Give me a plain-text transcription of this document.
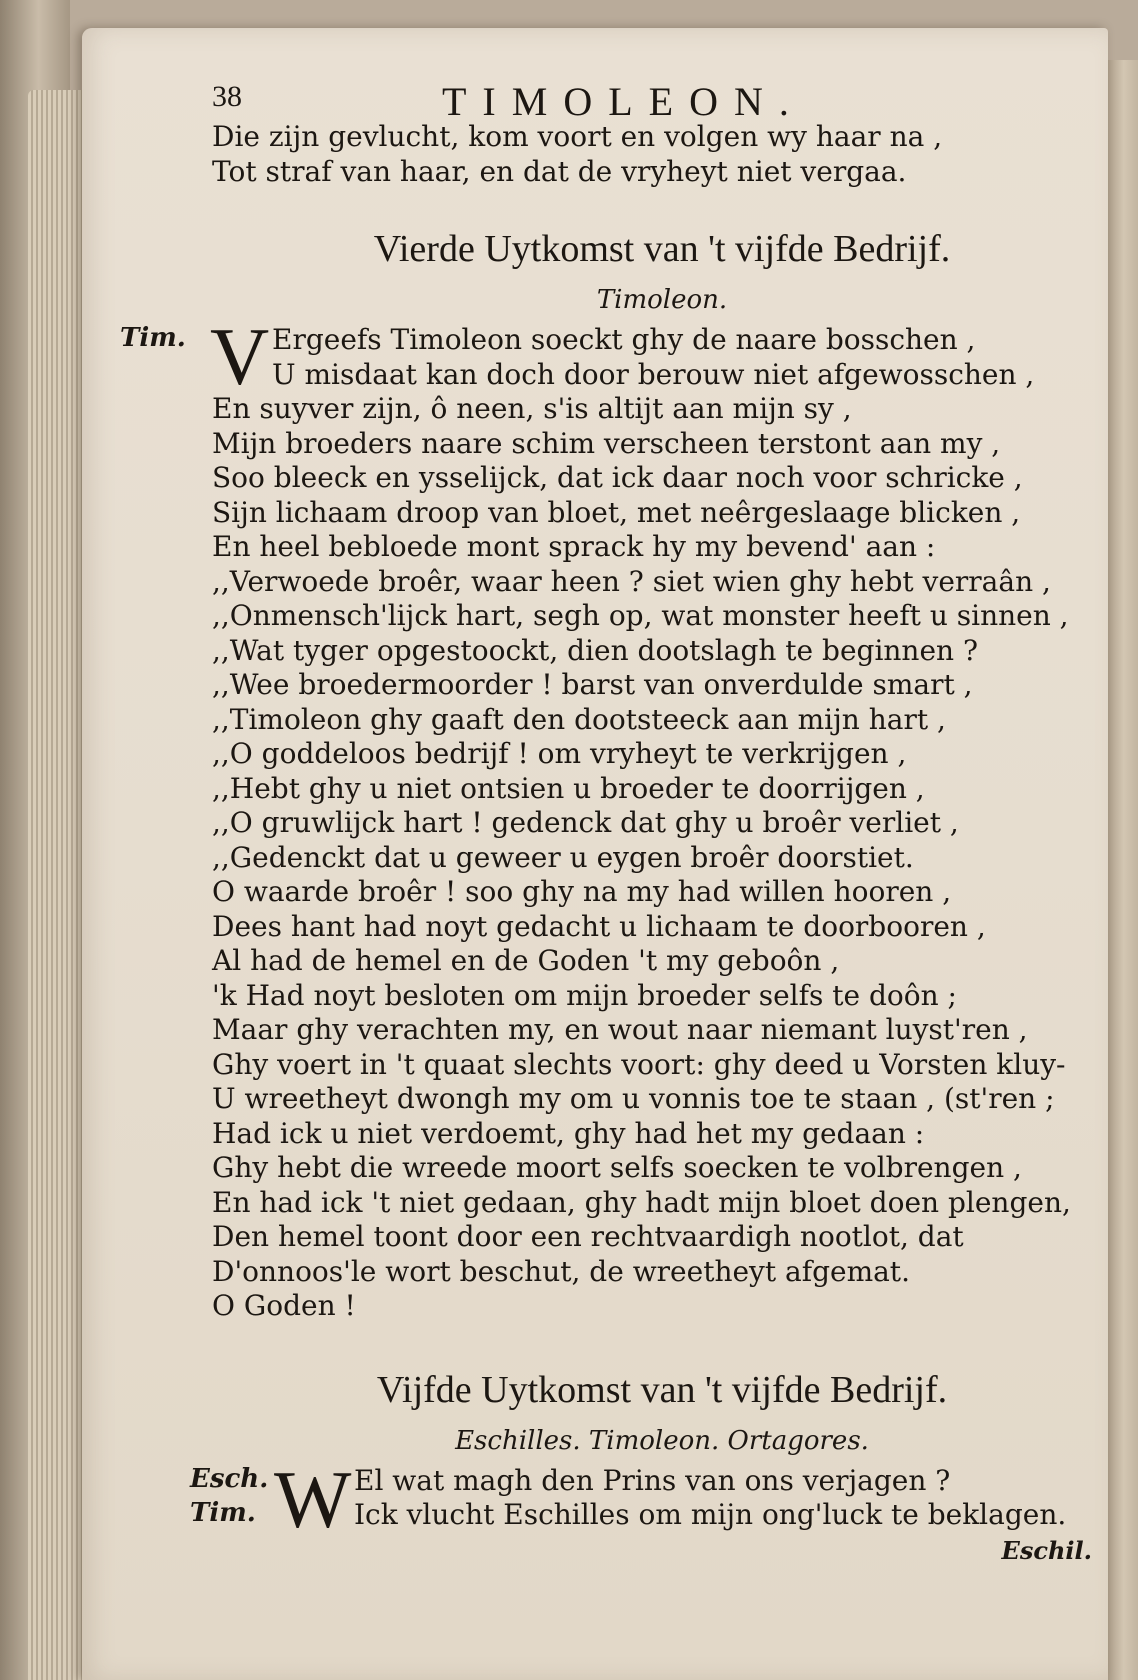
38	TIMOLEON.
Die zijn gevlucht, kom voort en volgen wy haar na ,
Tot straf van haar, en dat de vryheyt niet vergaa.
Vierde Uytkomst van 't vijfde Bedrijf.
Timoleon.
Tim. V Ergeefs Timoleon soeckt ghy de naare bosschen ,
U misdaat kan doch door berouw niet afgewosschen ,
En suyver zijn, ô neen, s'is altijt aan mijn sy ,
Mijn broeders naare schim verscheen terstont aan my ,
Soo bleeck en ysselijck, dat ick daar noch voor schricke ,
Sijn lichaam droop van bloet, met neêrgeslaage blicken ,
En heel bebloede mont sprack hy my bevend' aan :
,,Verwoede broêr, waar heen ? siet wien ghy hebt verraân ,
,,Onmensch'lijck hart, segh op, wat monster heeft u sinnen ,
,,Wat tyger opgestoockt, dien dootslagh te beginnen ?
,,Wee broedermoorder ! barst van onverdulde smart ,
,,Timoleon ghy gaaft den dootsteeck aan mijn hart ,
,,O goddeloos bedrijf ! om vryheyt te verkrijgen ,
,,Hebt ghy u niet ontsien u broeder te doorrijgen ,
,,O gruwlijck hart ! gedenck dat ghy u broêr verliet ,
,,Gedenckt dat u geweer u eygen broêr doorstiet.
O waarde broêr ! soo ghy na my had willen hooren ,
Dees hant had noyt gedacht u lichaam te doorbooren ,
Al had de hemel en de Goden 't my geboôn ,
'k Had noyt besloten om mijn broeder selfs te doôn ;
Maar ghy verachten my, en wout naar niemant luyst'ren ,
Ghy voert in 't quaat slechts voort: ghy deed u Vorsten kluy-
U wreetheyt dwongh my om u vonnis toe te staan , (st'ren ;
Had ick u niet verdoemt, ghy had het my gedaan :
Ghy hebt die wreede moort selfs soecken te volbrengen ,
En had ick 't niet gedaan, ghy hadt mijn bloet doen plengen,
Den hemel toont door een rechtvaardigh nootlot, dat
D'onnoos'le wort beschut, de wreetheyt afgemat.
O Goden !
Vijfde Uytkomst van 't vijfde Bedrijf.
Eschilles. Timoleon. Ortagores.
Esch.
Tim. W El wat magh den Prins van ons verjagen ?
Ick vlucht Eschilles om mijn ong'luck te beklagen.
Eschil.
